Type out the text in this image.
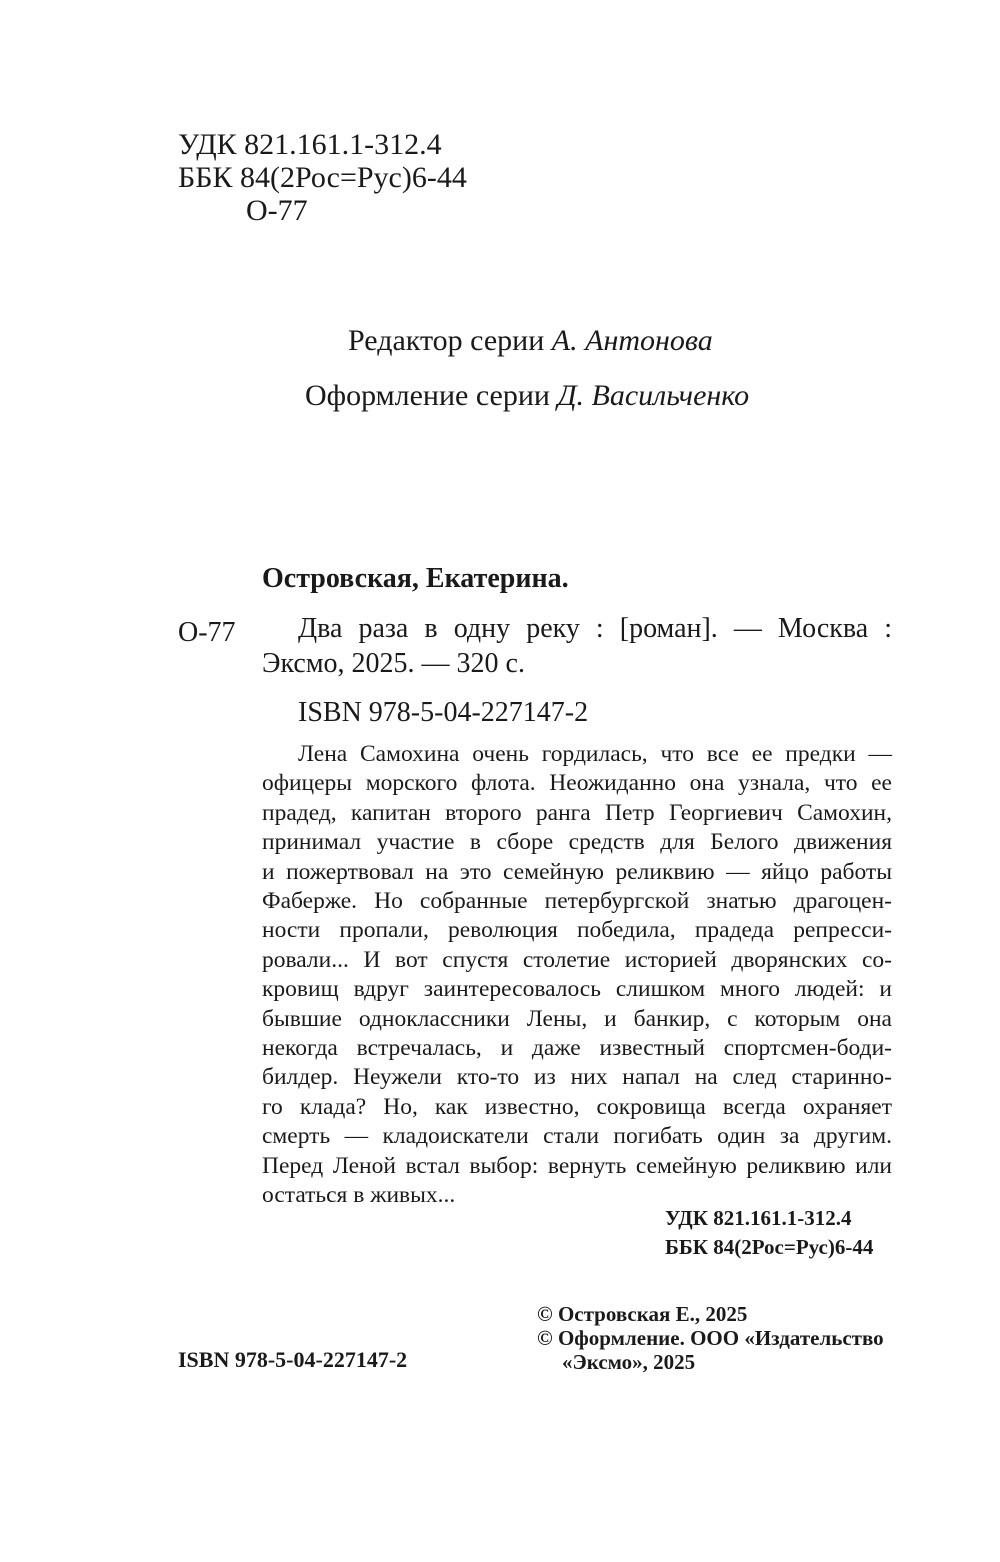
УДК 821.161.1-312.4
ББК 84(2Рос=Рус)6-44
О-77
Редактор серии А. Антонова
Оформление серии Д. Васильченко
Островская, Екатерина.
О-77 Два раза в одну реку : [роман]. — Москва :
Эксмо, 2025. — 320 с.
ISBN 978-5-04-227147-2
Лена Самохина очень гордилась, что все ее предки —
офицеры морского флота. Неожиданно она узнала, что ее
прадед, капитан второго ранга Петр Георгиевич Самохин,
принимал участие в сборе средств для Белого движения
и пожертвовал на это семейную реликвию — яйцо работы
Фаберже. Но собранные петербургской знатью драгоцен-
ности пропали, революция победила, прадеда репресси-
ровали... И вот спустя столетие историей дворянских со-
кровищ вдруг заинтересовалось слишком много людей: и
бывшие одноклассники Лены, и банкир, с которым она
некогда встречалась, и даже известный спортсмен-боди-
билдер. Неужели кто-то из них напал на след старинно-
го клада? Но, как известно, сокровища всегда охраняет
смерть — кладоискатели стали погибать один за другим.
Перед Леной встал выбор: вернуть семейную реликвию или
остаться в живых...
УДК 821.161.1-312.4
ББК 84(2Рос=Рус)6-44
© Островская Е., 2025
© Оформление. ООО «Издательство
«Эксмо», 2025
ISBN 978-5-04-227147-2
